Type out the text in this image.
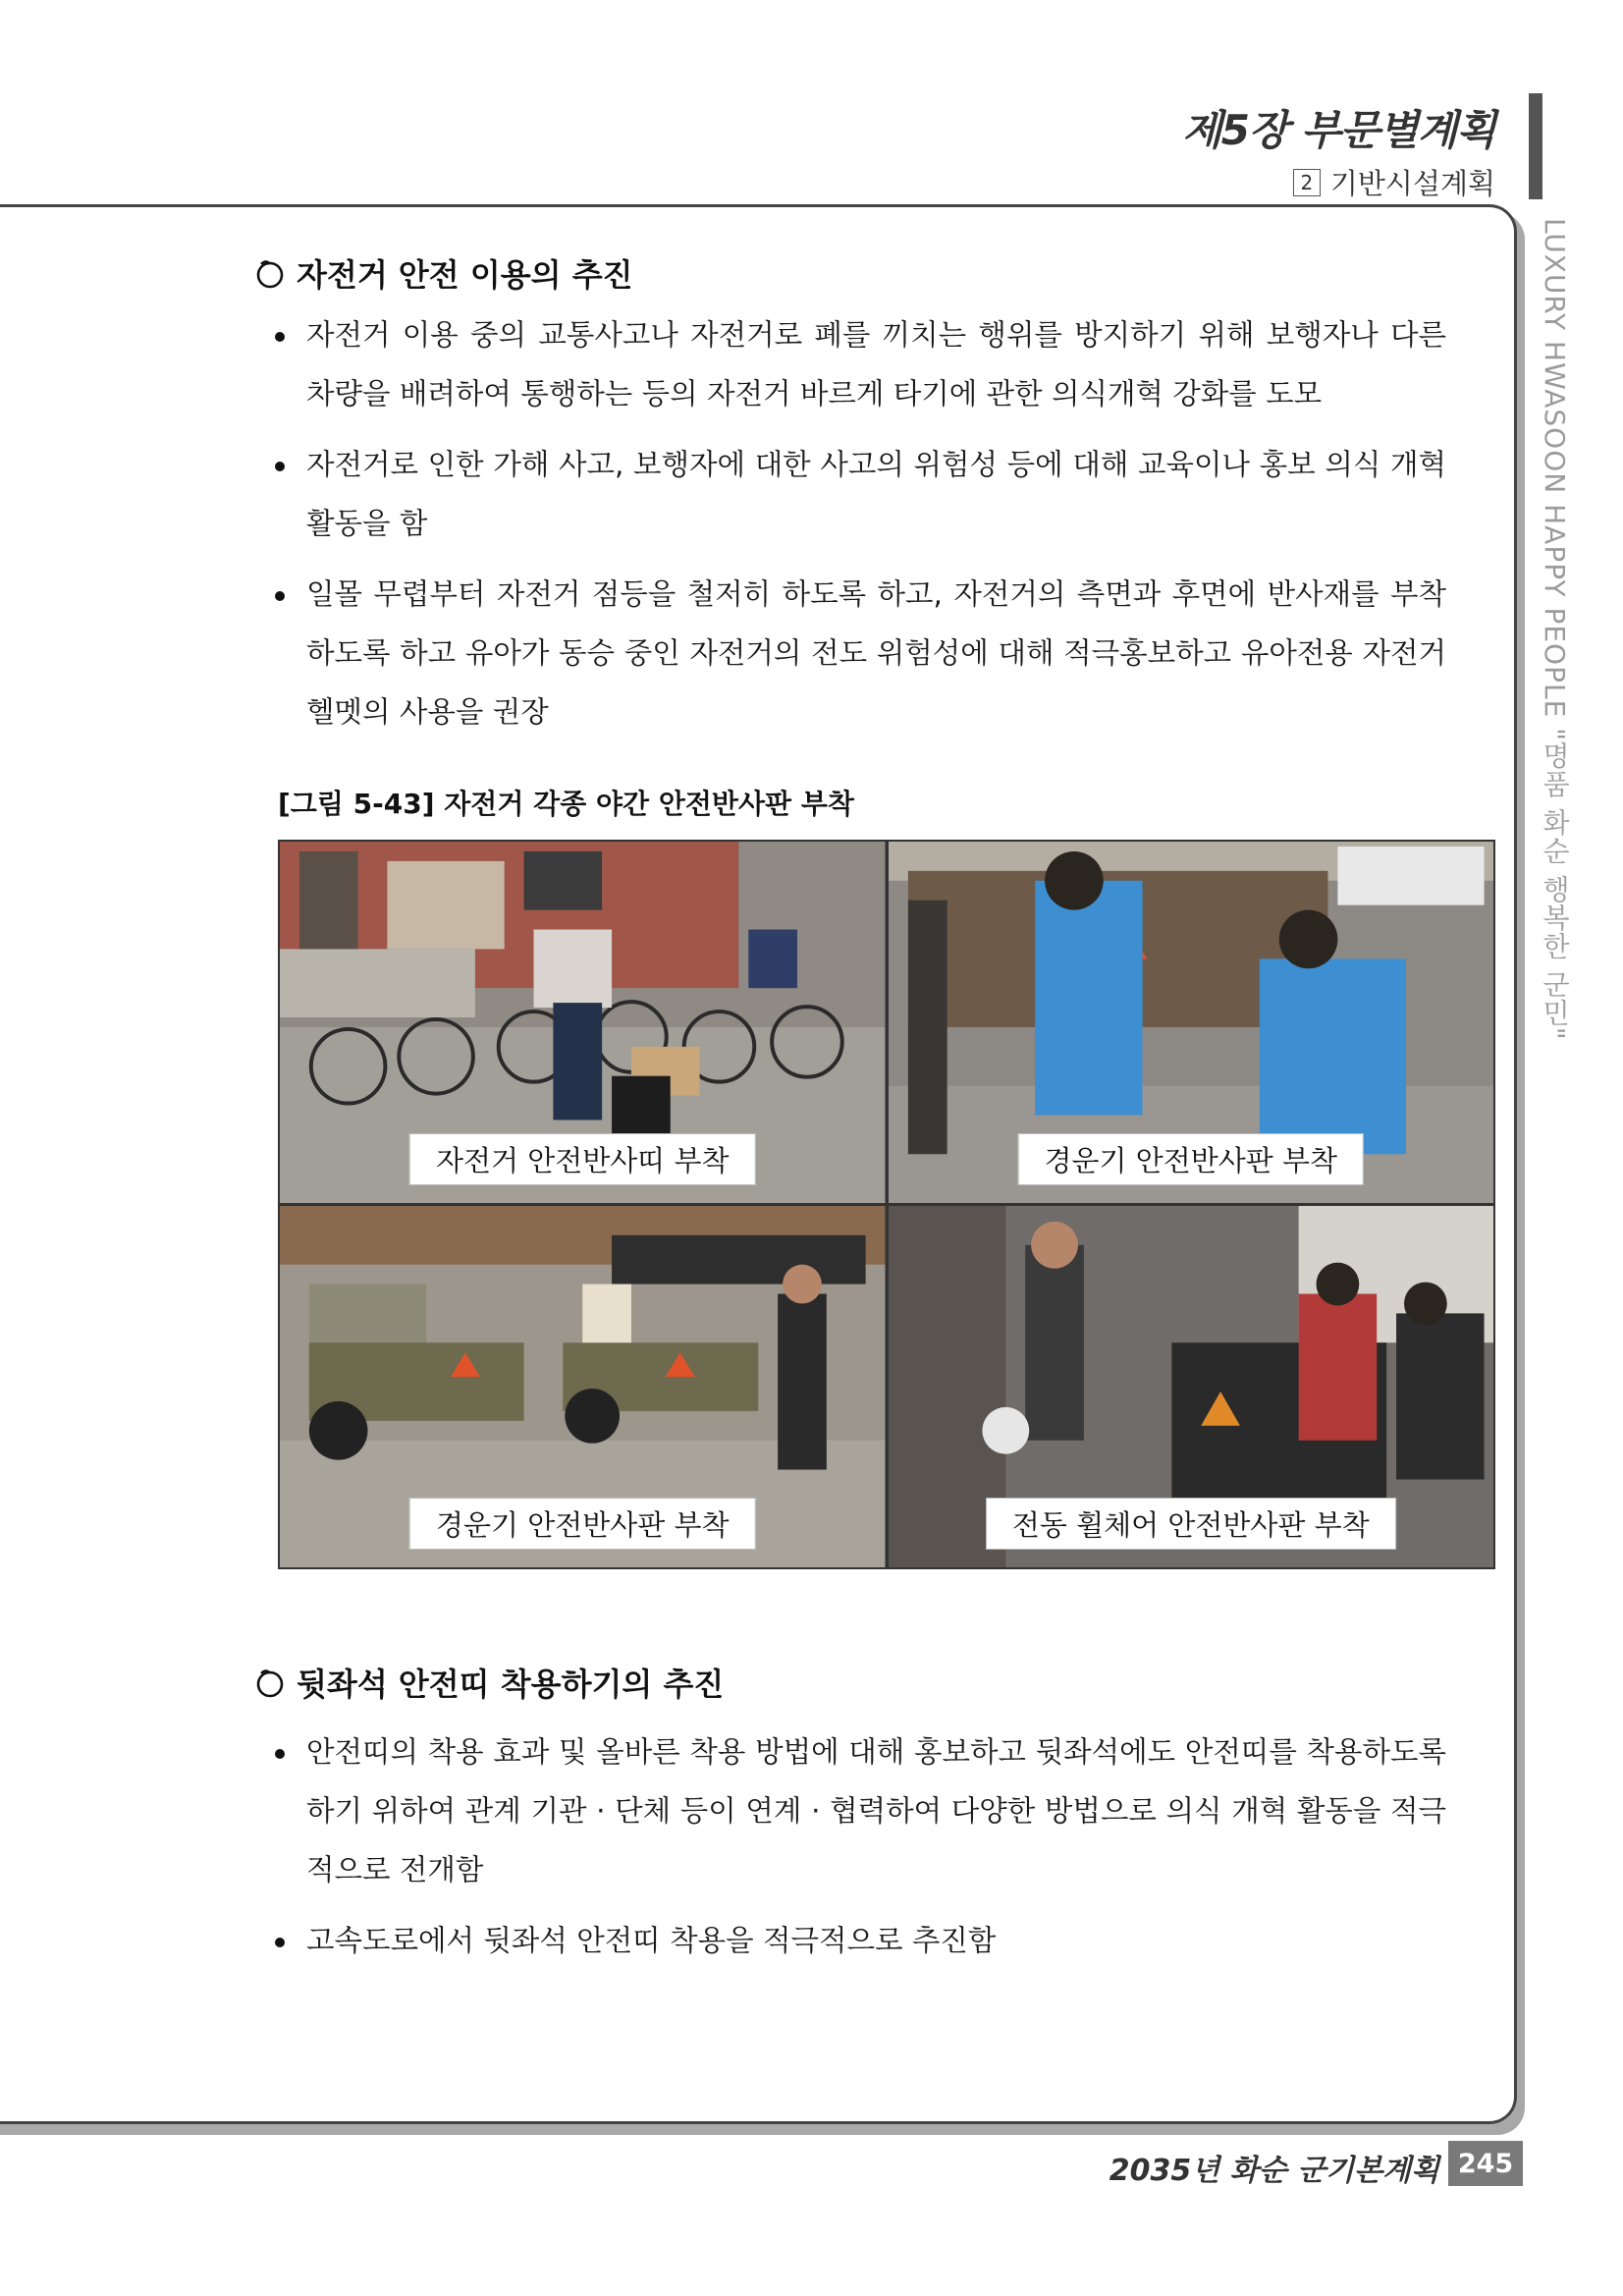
제5장 부문별계획
2 기반시설계획
LUXURY HWASOON HAPPY PEOPLE "명품 화순 행복한 군민"
자전거 안전 이용의 추진
자전거 이용 중의 교통사고나 자전거로 폐를 끼치는 행위를 방지하기 위해 보행자나 다른 차량을 배려하여 통행하는 등의 자전거 바르게 타기에 관한 의식개혁 강화를 도모
자전거로 인한 가해 사고, 보행자에 대한 사고의 위험성 등에 대해 교육이나 홍보 의식 개혁 활동을 함
일몰 무렵부터 자전거 점등을 철저히 하도록 하고, 자전거의 측면과 후면에 반사재를 부착하도록 하고 유아가 동승 중인 자전거의 전도 위험성에 대해 적극홍보하고 유아전용 자전거 헬멧의 사용을 권장
[그림 5-43] 자전거 각종 야간 안전반사판 부착
자전거 안전반사띠 부착	경운기 안전반사판 부착
경운기 안전반사판 부착	전동 휠체어 안전반사판 부착
뒷좌석 안전띠 착용하기의 추진
안전띠의 착용 효과 및 올바른 착용 방법에 대해 홍보하고 뒷좌석에도 안전띠를 착용하도록 하기 위하여 관계 기관 · 단체 등이 연계 · 협력하여 다양한 방법으로 의식 개혁 활동을 적극적으로 전개함
고속도로에서 뒷좌석 안전띠 착용을 적극적으로 추진함
2035년 화순 군기본계획 245
